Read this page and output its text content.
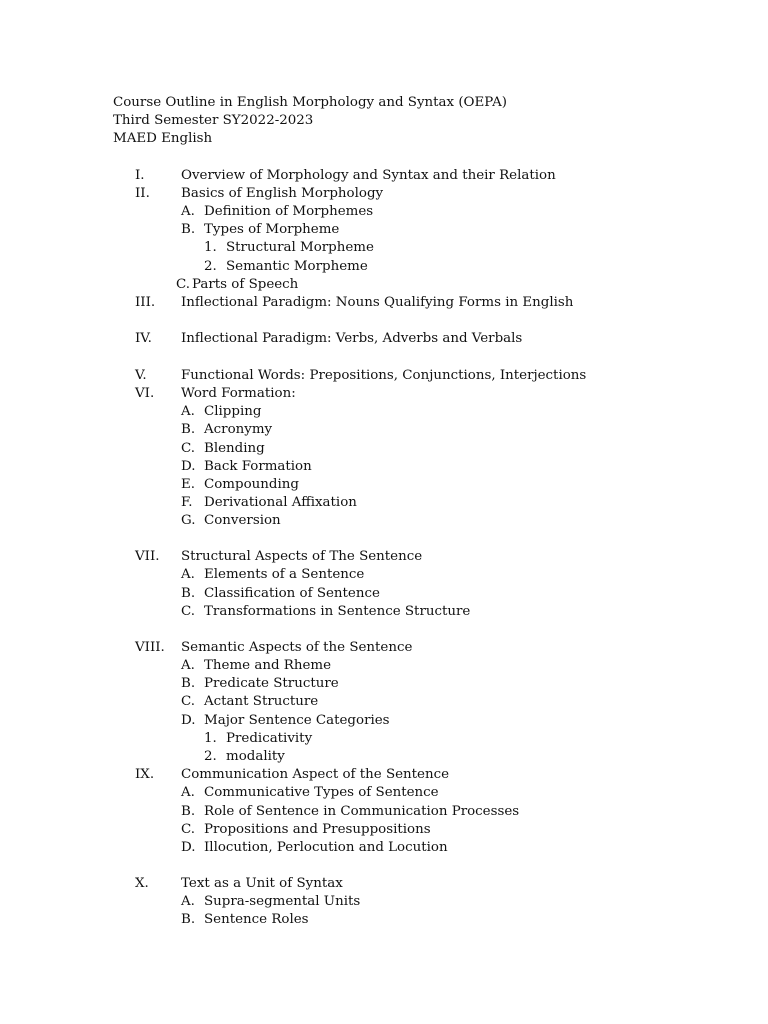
Course Outline in English Morphology and Syntax (OEPA)
Third Semester SY2022-2023
MAED English
I.	Overview of Morphology and Syntax and their Relation
II. Basics of English Morphology
A. Definition of Morphemes
B. Types of Morpheme
1. Structural Morpheme
2. Semantic Morpheme
C. Parts of Speech
III. Inflectional Paradigm: Nouns Qualifying Forms in English
IV. Inflectional Paradigm: Verbs, Adverbs and Verbals
V.	Functional Words: Prepositions, Conjunctions, Interjections
VI. Word Formation:
A. Clipping
B. Acronymy
C. Blending
D. Back Formation
E. Compounding
F. Derivational Affixation
G. Conversion
VII. Structural Aspects of The Sentence
A. Elements of a Sentence
B. Classification of Sentence
C. Transformations in Sentence Structure
VIII. Semantic Aspects of the Sentence
A. Theme and Rheme
B. Predicate Structure
C. Actant Structure
D. Major Sentence Categories
1. Predicativity
2. modality
IX. Communication Aspect of the Sentence
A. Communicative Types of Sentence
B. Role of Sentence in Communication Processes
C. Propositions and Presuppositions
D. Illocution, Perlocution and Locution
X. Text as a Unit of Syntax
A. Supra-segmental Units
B. Sentence Roles
